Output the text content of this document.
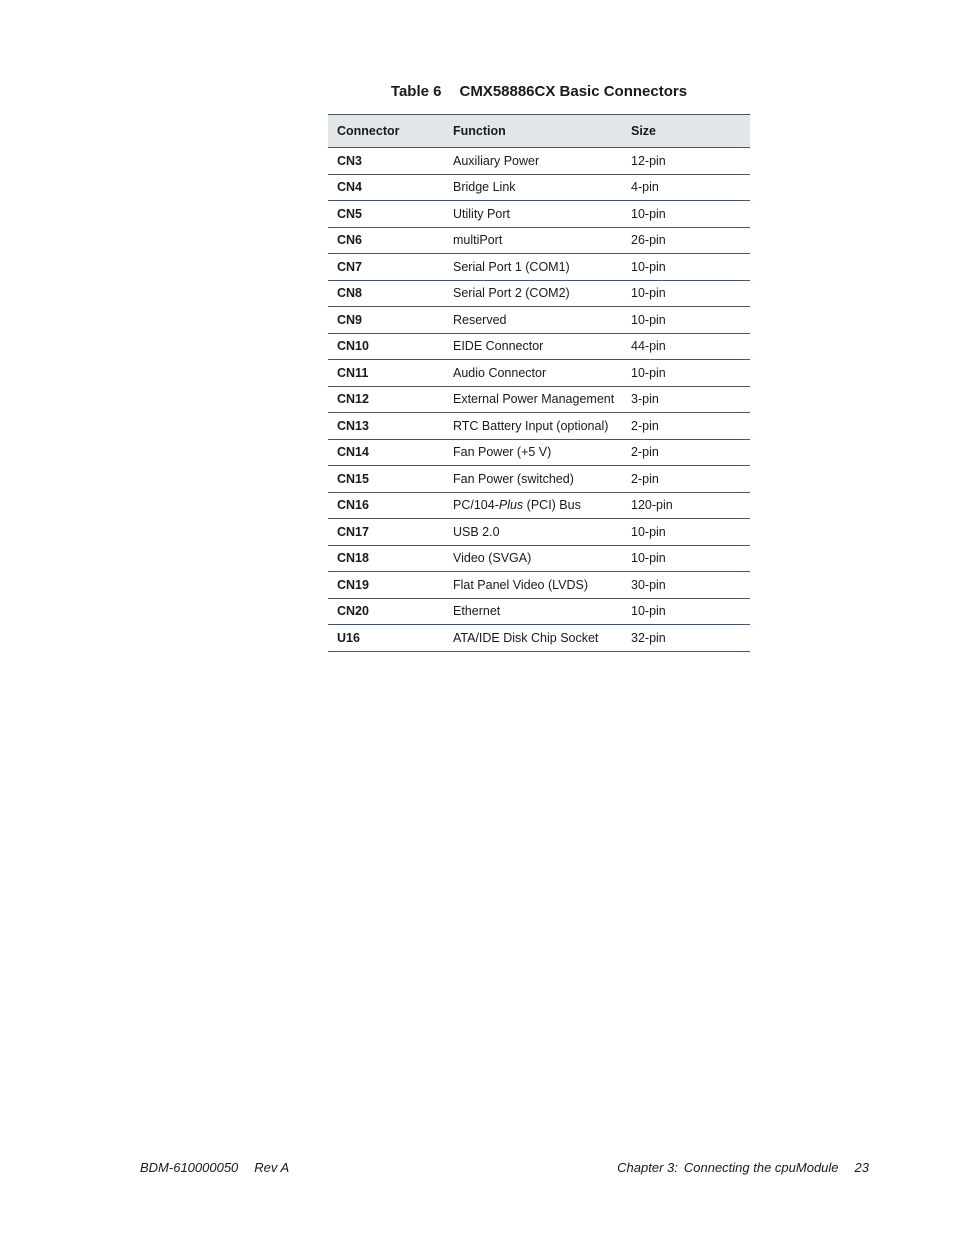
Table 6 CMX58886CX Basic Connectors
Connector	Function	Size
CN3	Auxiliary Power	12-pin
CN4	Bridge Link	4-pin
CN5	Utility Port	10-pin
CN6	multiPort	26-pin
CN7	Serial Port 1 (COM1)	10-pin
CN8	Serial Port 2 (COM2)	10-pin
CN9	Reserved	10-pin
CN10	EIDE Connector	44-pin
CN11	Audio Connector	10-pin
CN12	External Power Management	3-pin
CN13	RTC Battery Input (optional)	2-pin
CN14	Fan Power (+5 V)	2-pin
CN15	Fan Power (switched)	2-pin
CN16	PC/104-Plus (PCI) Bus	120-pin
CN17	USB 2.0	10-pin
CN18	Video (SVGA)	10-pin
CN19	Flat Panel Video (LVDS)	30-pin
CN20	Ethernet	10-pin
U16	ATA/IDE Disk Chip Socket	32-pin
BDM-610000050 Rev A	Chapter 3: Connecting the cpuModule 23
